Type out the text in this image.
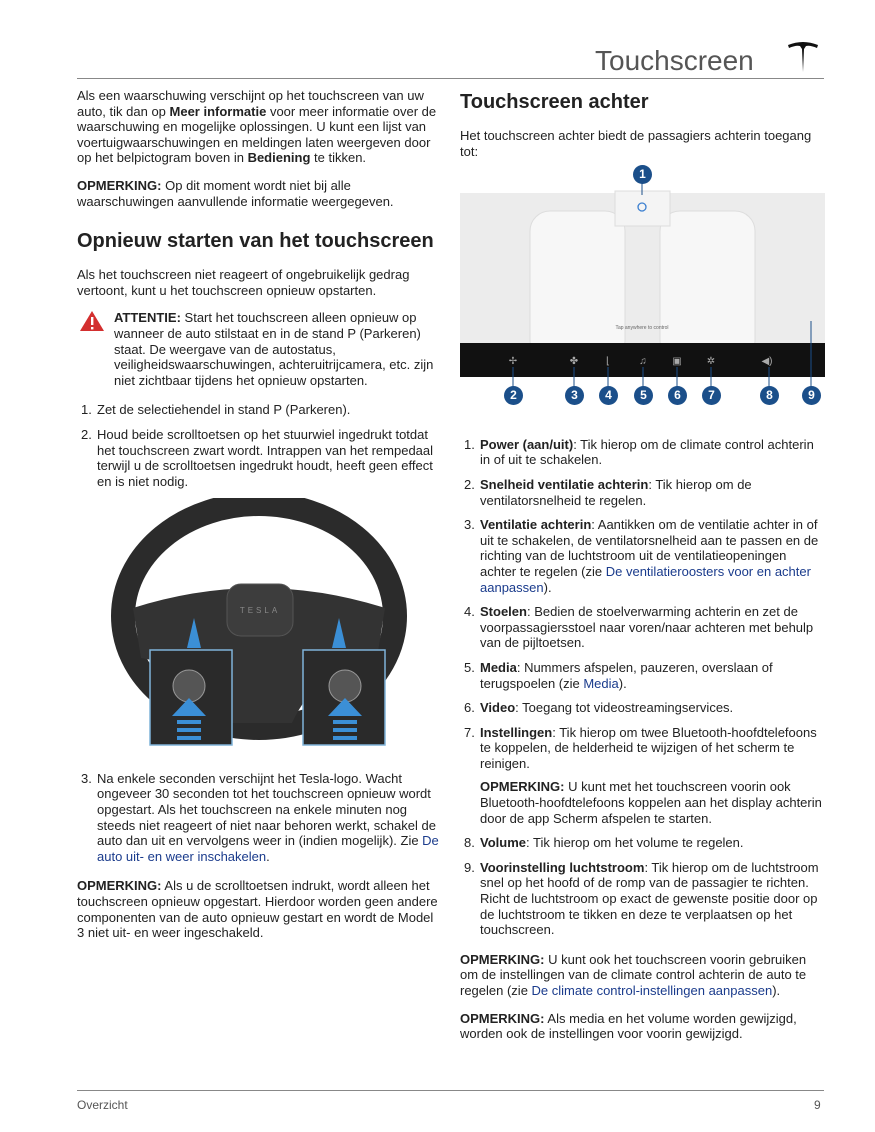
Touchscreen

Als een waarschuwing verschijnt op het touchscreen van uw auto, tik dan op Meer informatie voor meer informatie over de waarschuwing en mogelijke oplossingen. U kunt een lijst van voertuigwaarschuwingen en meldingen laten weergeven door op het belpictogram boven in Bediening te tikken.

OPMERKING: Op dit moment wordt niet bij alle waarschuwingen aanvullende informatie weergegeven.

Opnieuw starten van het touchscreen

Als het touchscreen niet reageert of ongebruikelijk gedrag vertoont, kunt u het touchscreen opnieuw opstarten.

ATTENTIE: Start het touchscreen alleen opnieuw op wanneer de auto stilstaat en in de stand P (Parkeren) staat. De weergave van de autostatus, veiligheidswaarschuwingen, achteruitrijcamera, etc. zijn niet zichtbaar tijdens het opnieuw opstarten.
1. Zet de selectiehendel in stand P (Parkeren).
2. Houd beide scrolltoetsen op het stuurwiel ingedrukt totdat het touchscreen zwart wordt. Intrappen van het rempedaal terwijl u de scrolltoetsen ingedrukt houdt, heeft geen effect en is niet nodig.
TESLA
3. Na enkele seconden verschijnt het Tesla-logo. Wacht ongeveer 30 seconden tot het touchscreen opnieuw wordt opgestart. Als het touchscreen na enkele minuten nog steeds niet reageert of niet naar behoren werkt, schakel de auto dan uit en vervolgens weer in (indien mogelijk). Zie De auto uit- en weer inschakelen.

OPMERKING: Als u de scrolltoetsen indrukt, wordt alleen het touchscreen opnieuw opgestart. Hierdoor worden geen andere componenten van de auto opnieuw gestart en wordt de Model 3 niet uit- en weer ingeschakeld.

Touchscreen achter

Het touchscreen achter biedt de passagiers achterin toegang tot:

Tap anywhere to control
✢	✤	⌊	♫	▣	✲	◀)
1
2	3	4	5	6	7	8	9
1. Power (aan/uit): Tik hierop om de climate control achterin in of uit te schakelen.
2. Snelheid ventilatie achterin: Tik hierop om de ventilatorsnelheid te regelen.
3. Ventilatie achterin: Aantikken om de ventilatie achter in of uit te schakelen, de ventilatorsnelheid aan te passen en de richting van de luchtstroom uit de ventilatieopeningen achter te regelen (zie De ventilatieroosters voor en achter aanpassen).
4. Stoelen: Bedien de stoelverwarming achterin en zet de voorpassagiersstoel naar voren/naar achteren met behulp van de pijltoetsen.
5. Media: Nummers afspelen, pauzeren, overslaan of terugspoelen (zie Media).
6. Video: Toegang tot videostreamingservices.
7. Instellingen: Tik hierop om twee Bluetooth-hoofdtelefoons te koppelen, de helderheid te wijzigen of het scherm te reinigen.

OPMERKING: U kunt met het touchscreen voorin ook Bluetooth-hoofdtelefoons koppelen aan het display achterin door de app Scherm afspelen te starten.

8. Volume: Tik hierop om het volume te regelen.
9. Voorinstelling luchtstroom: Tik hierop om de luchtstroom snel op het hoofd of de romp van de passagier te richten. Richt de luchtstroom op exact de gewenste positie door op de luchtstroom te tikken en deze te verplaatsen op het touchscreen.

OPMERKING: U kunt ook het touchscreen voorin gebruiken om de instellingen van de climate control achterin de auto te regelen (zie De climate control-instellingen aanpassen).

OPMERKING: Als media en het volume worden gewijzigd, worden ook de instellingen voor voorin gewijzigd.

Overzicht	9
